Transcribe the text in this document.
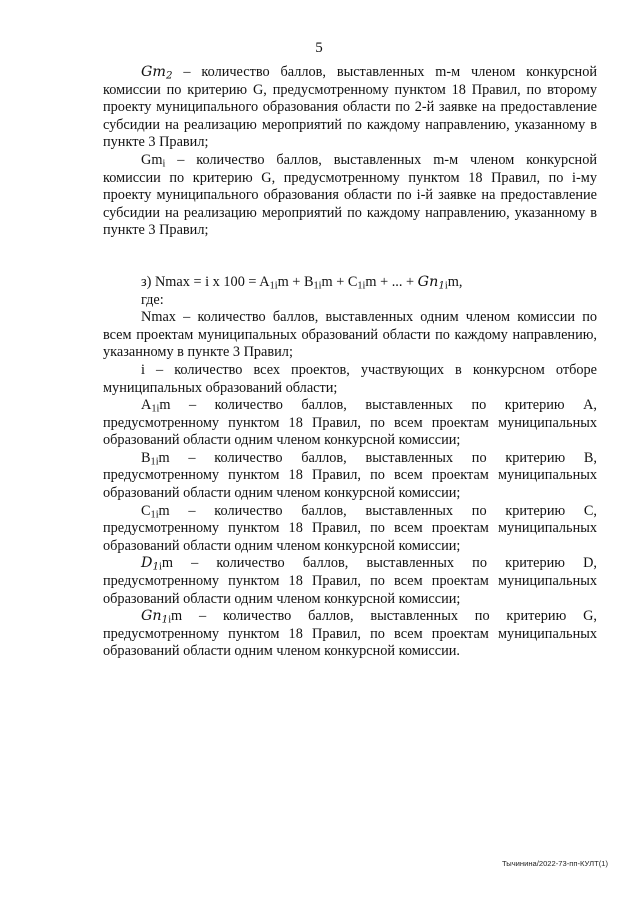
5

$Gm_2$ – количество баллов, выставленных m-м членом конкурсной комиссии по критерию G, предусмотренному пунктом 18 Правил, по второму проекту муниципального образования области по 2-й заявке на предоставление субсидии на реализацию мероприятий по каждому направлению, указанному в пункте 3 Правил;

$Gm_i$ – количество баллов, выставленных m-м членом конкурсной комиссии по критерию G, предусмотренному пунктом 18 Правил, по i-му проекту муниципального образования области по i-й заявке на предоставление субсидии на реализацию мероприятий по каждому направлению, указанному в пункте 3 Правил;

з) Nmax = i x $100 = A_{1i}m + B_{1i}m + C_{1i}m$ + ... + $Gn_{1i}m$,

где:

Nmax – количество баллов, выставленных одним членом комиссии по всем проектам муниципальных образований области по каждому направлению, указанному в пункте 3 Правил;

i – количество всех проектов, участвующих в конкурсном отборе муниципальных образований области;

$A_{1i}m$ – количество баллов, выставленных по критерию А, предусмотренному пунктом 18 Правил, по всем проектам муниципальных образований области одним членом конкурсной комиссии;

$B_{1i}m$ – количество баллов, выставленных по критерию В, предусмотренному пунктом 18 Правил, по всем проектам муниципальных образований области одним членом конкурсной комиссии;

$C_{1i}m$ – количество баллов, выставленных по критерию С, предусмотренному пунктом 18 Правил, по всем проектам муниципальных образований области одним членом конкурсной комиссии;

$D_{1i}m$ – количество баллов, выставленных по критерию D, предусмотренному пунктом 18 Правил, по всем проектам муниципальных образований области одним членом конкурсной комиссии;

$Gn_{1i}m$ – количество баллов, выставленных по критерию G, предусмотренному пунктом 18 Правил, по всем проектам муниципальных образований области одним членом конкурсной комиссии.

Тычинина/2022-73-пп-КУЛТ(1)
